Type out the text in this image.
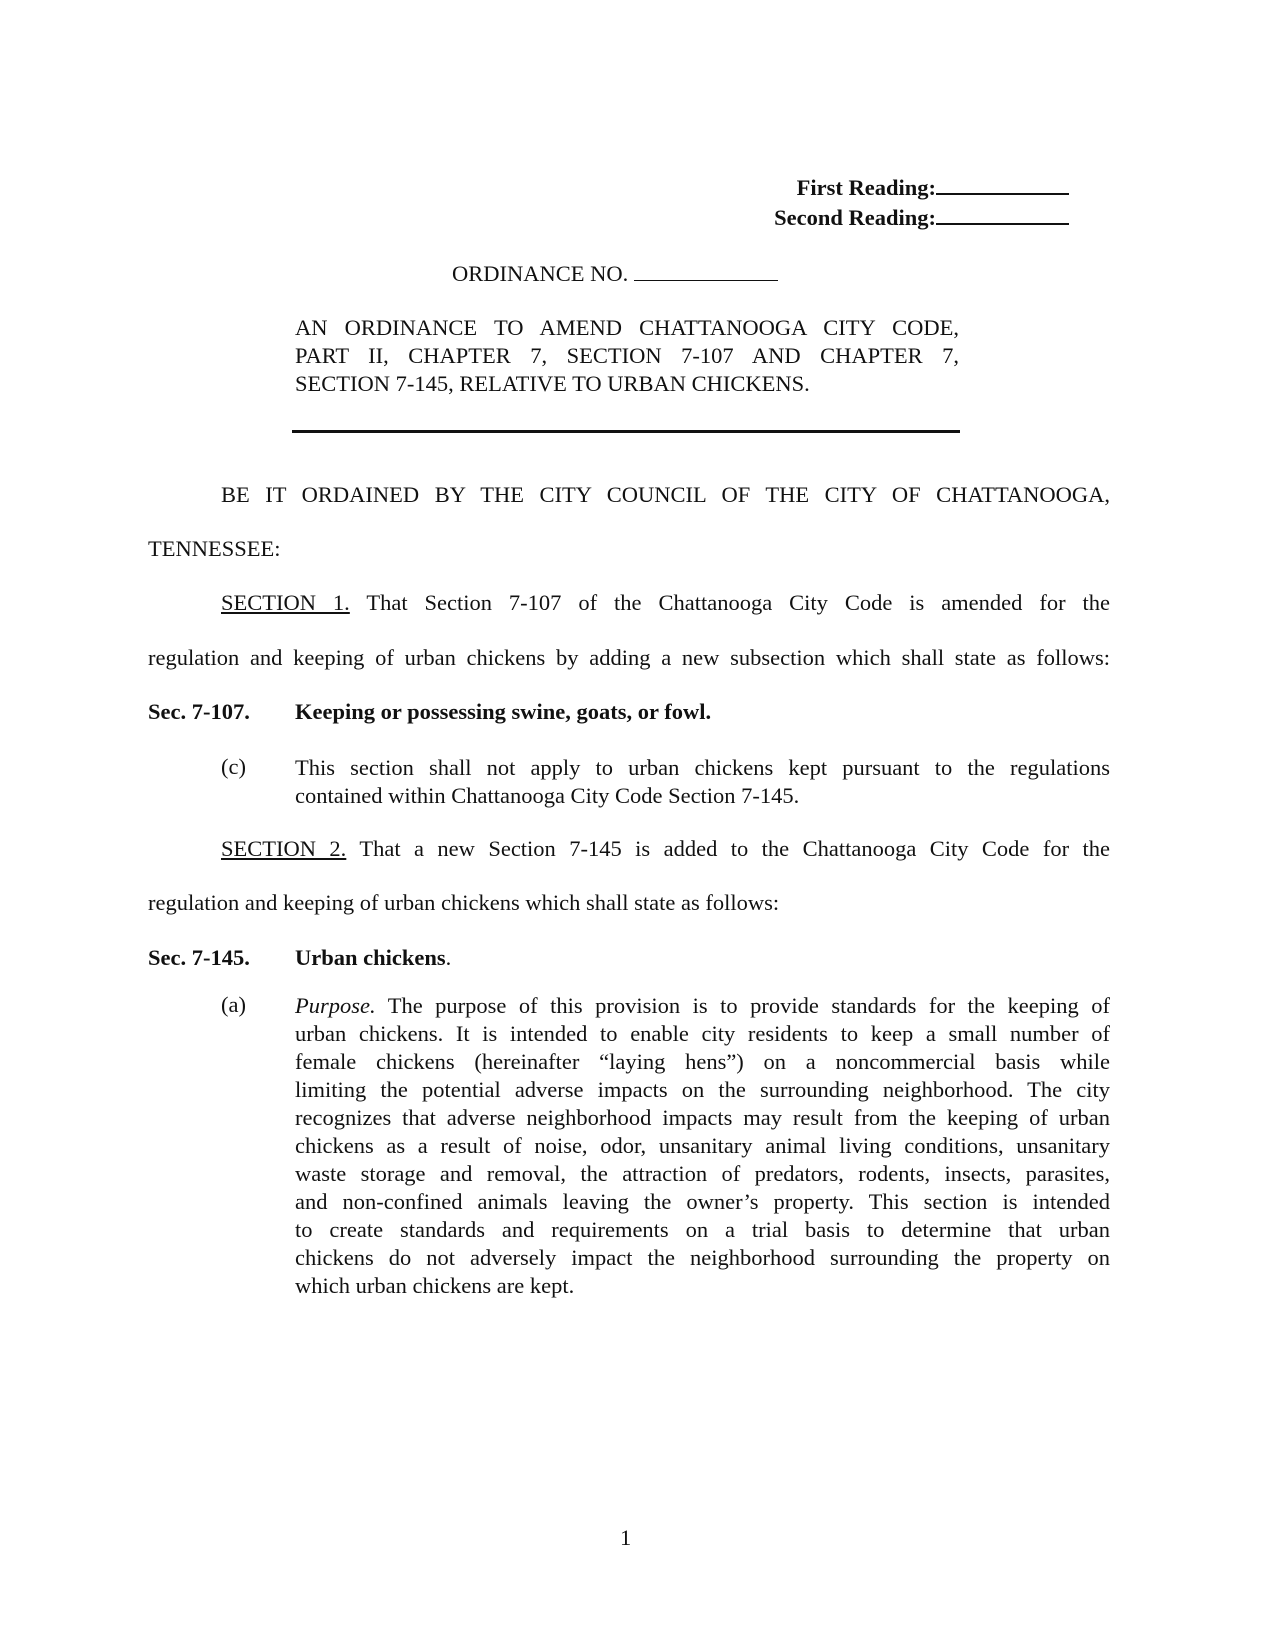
First Reading:
Second Reading:
ORDINANCE NO.
AN ORDINANCE TO AMEND CHATTANOOGA CITY CODE,
PART II, CHAPTER 7, SECTION 7-107 AND CHAPTER 7,
SECTION 7-145, RELATIVE TO URBAN CHICKENS.
BE IT ORDAINED BY THE CITY COUNCIL OF THE CITY OF CHATTANOOGA,
TENNESSEE:
SECTION 1. That Section 7-107 of the Chattanooga City Code is amended for the
regulation and keeping of urban chickens by adding a new subsection which shall state as follows:
Sec. 7-107. Keeping or possessing swine, goats, or fowl.
(c) This section shall not apply to urban chickens kept pursuant to the regulations
contained within Chattanooga City Code Section 7-145.
SECTION 2. That a new Section 7-145 is added to the Chattanooga City Code for the
regulation and keeping of urban chickens which shall state as follows:
Sec. 7-145. Urban chickens.
(a) Purpose. The purpose of this provision is to provide standards for the keeping of
urban chickens. It is intended to enable city residents to keep a small number of
female chickens (hereinafter “laying hens”) on a noncommercial basis while
limiting the potential adverse impacts on the surrounding neighborhood. The city
recognizes that adverse neighborhood impacts may result from the keeping of urban
chickens as a result of noise, odor, unsanitary animal living conditions, unsanitary
waste storage and removal, the attraction of predators, rodents, insects, parasites,
and non-confined animals leaving the owner’s property. This section is intended
to create standards and requirements on a trial basis to determine that urban
chickens do not adversely impact the neighborhood surrounding the property on
which urban chickens are kept.
1
